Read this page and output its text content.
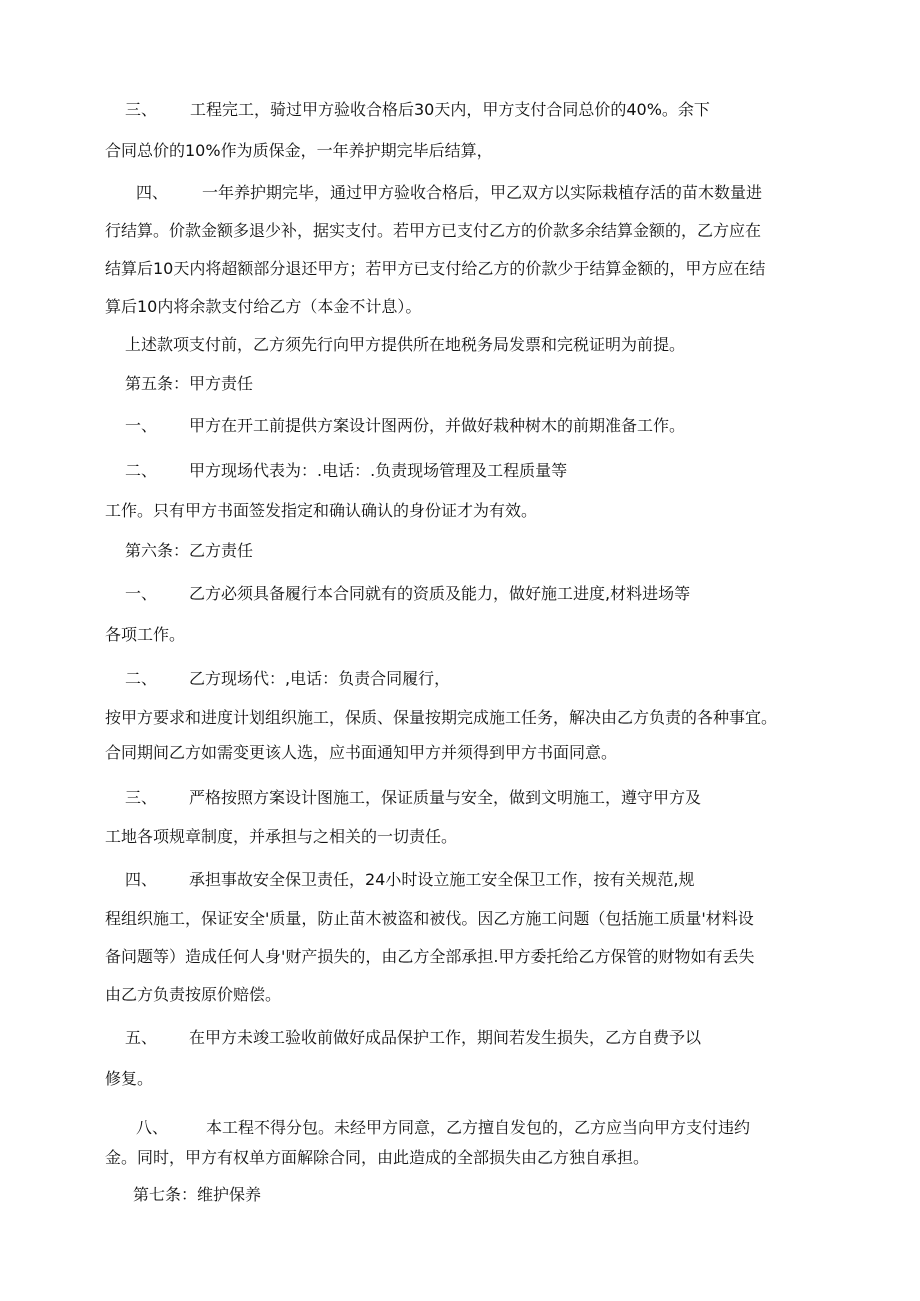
三、 工程完工，骑过甲方验收合格后30天内，甲方支付合同总价的40%。余下
合同总价的10%作为质保金，一年养护期完毕后结算，
四、 一年养护期完毕，通过甲方验收合格后，甲乙双方以实际栽植存活的苗木数量进
行结算。价款金额多退少补，据实支付。若甲方已支付乙方的价款多余结算金额的，乙方应在
结算后10天内将超额部分退还甲方；若甲方已支付给乙方的价款少于结算金额的，甲方应在结
算后10内将余款支付给乙方（本金不计息）。
上述款项支付前，乙方须先行向甲方提供所在地税务局发票和完税证明为前提。
第五条：甲方责任
一、 甲方在开工前提供方案设计图两份，并做好栽种树木的前期准备工作。
二、 甲方现场代表为：.电话：.负责现场管理及工程质量等
工作。只有甲方书面签发指定和确认确认的身份证才为有效。
第六条：乙方责任
一、 乙方必须具备履行本合同就有的资质及能力，做好施工进度,材料进场等
各项工作。
二、 乙方现场代：,电话：负责合同履行，
按甲方要求和进度计划组织施工，保质、保量按期完成施工任务，解决由乙方负责的各种事宜。
合同期间乙方如需变更该人选，应书面通知甲方并须得到甲方书面同意。
三、 严格按照方案设计图施工，保证质量与安全，做到文明施工，遵守甲方及
工地各项规章制度，并承担与之相关的一切责任。
四、 承担事故安全保卫责任，24小时设立施工安全保卫工作，按有关规范,规
程组织施工，保证安全'质量，防止苗木被盗和被伐。因乙方施工问题（包括施工质量'材料设
备问题等）造成任何人身'财产损失的，由乙方全部承担.甲方委托给乙方保管的财物如有丢失
由乙方负责按原价赔偿。
五、 在甲方未竣工验收前做好成品保护工作，期间若发生损失，乙方自费予以
修复。
八、 本工程不得分包。未经甲方同意，乙方擅自发包的，乙方应当向甲方支付违约
金。同时，甲方有权单方面解除合同，由此造成的全部损失由乙方独自承担。
第七条：维护保养
